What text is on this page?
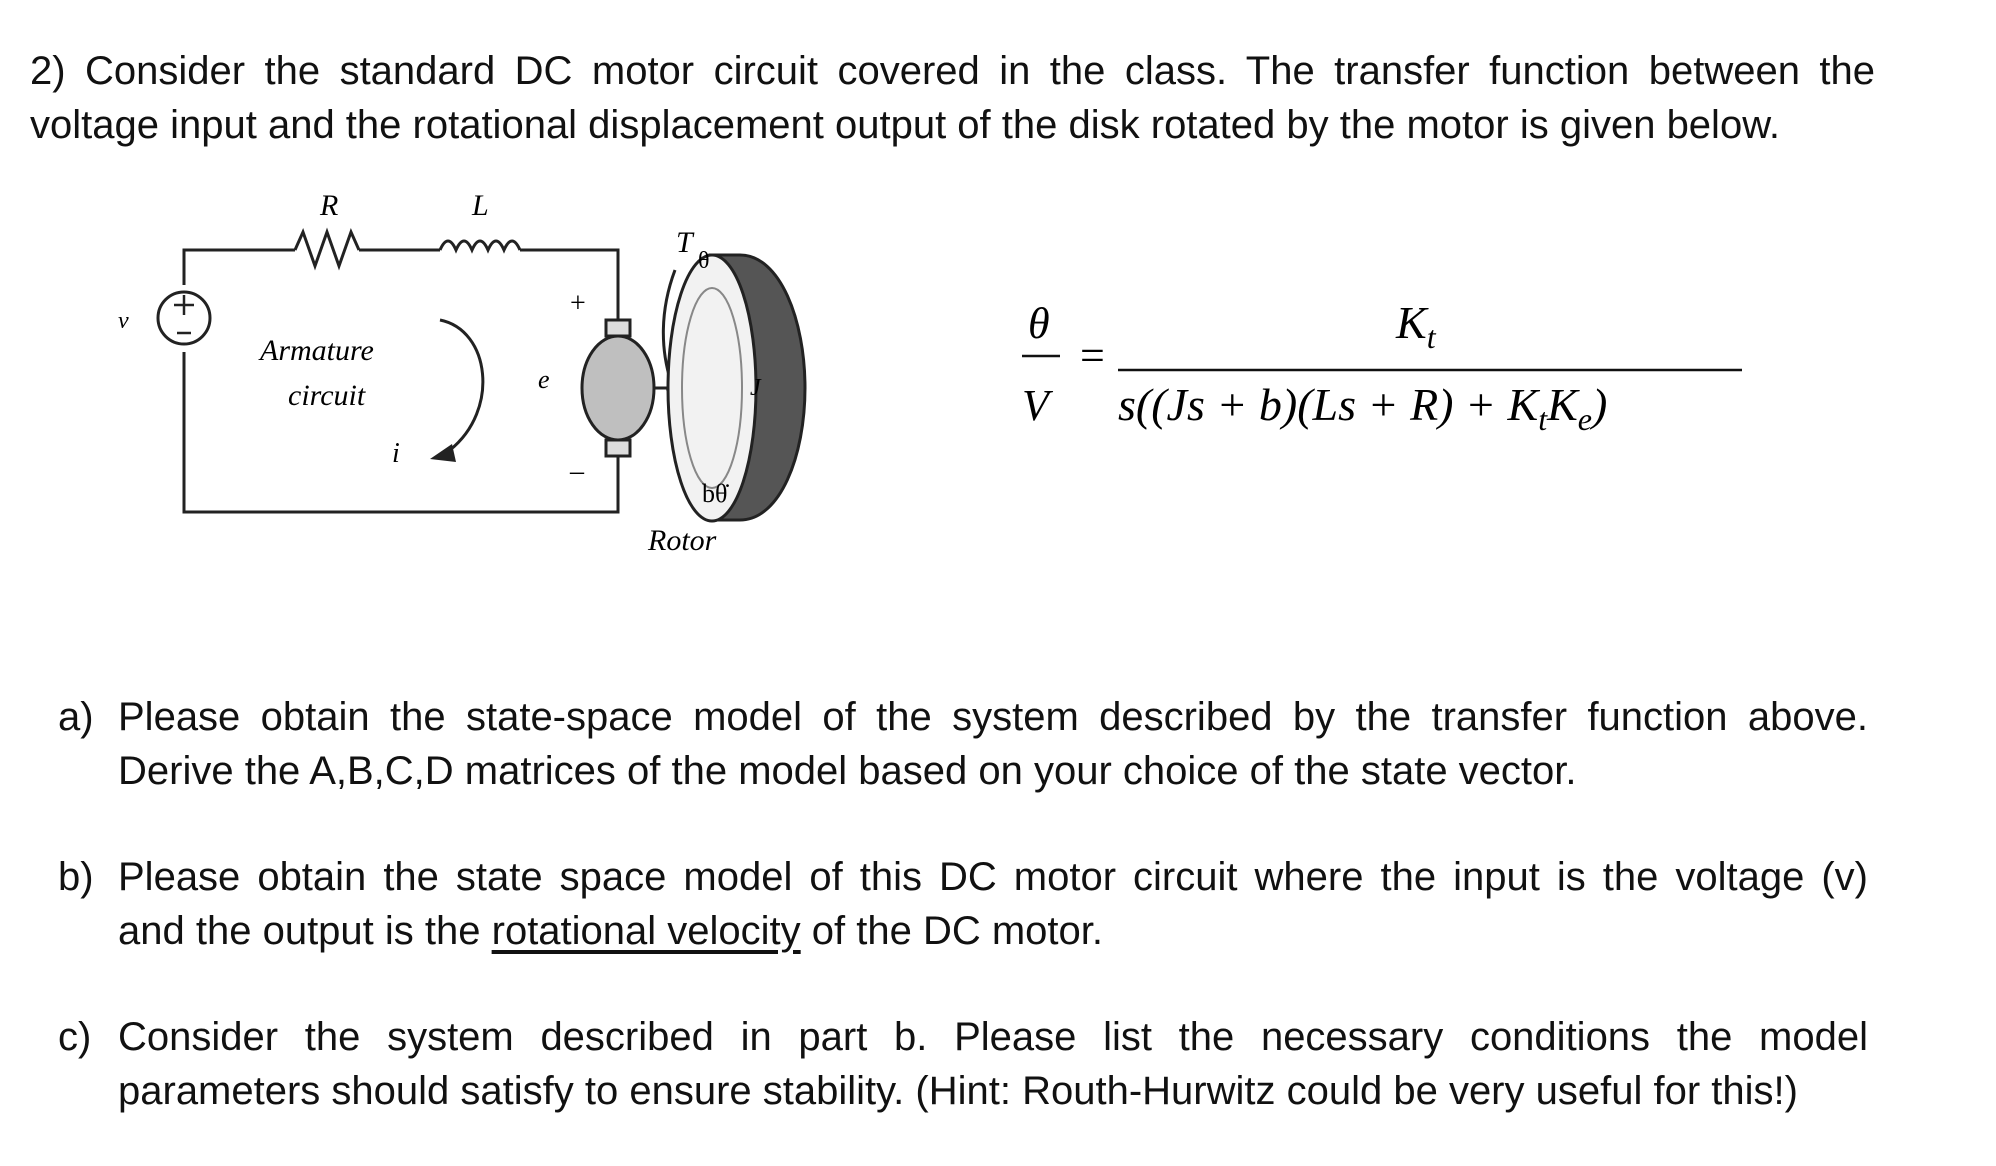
2) Consider the standard DC motor circuit covered in the class. The transfer function between the
voltage input and the rotational displacement output of the disk rotated by the motor is given below.
R	L
v
Armature
circuit
i
e
+
–
T
θ
J
bθ̇
Rotor
θ
V
=
$K_t$
$s((Js + b)(Ls + R) + K_tK_e)$
a) Please obtain the state-space model of the system described by the transfer function above.
Derive the A,B,C,D matrices of the model based on your choice of the state vector.
b) Please obtain the state space model of this DC motor circuit where the input is the voltage (v)
and the output is the rotational velocity of the DC motor.
c) Consider the system described in part b. Please list the necessary conditions the model
parameters should satisfy to ensure stability. (Hint: Routh-Hurwitz could be very useful for this!)
